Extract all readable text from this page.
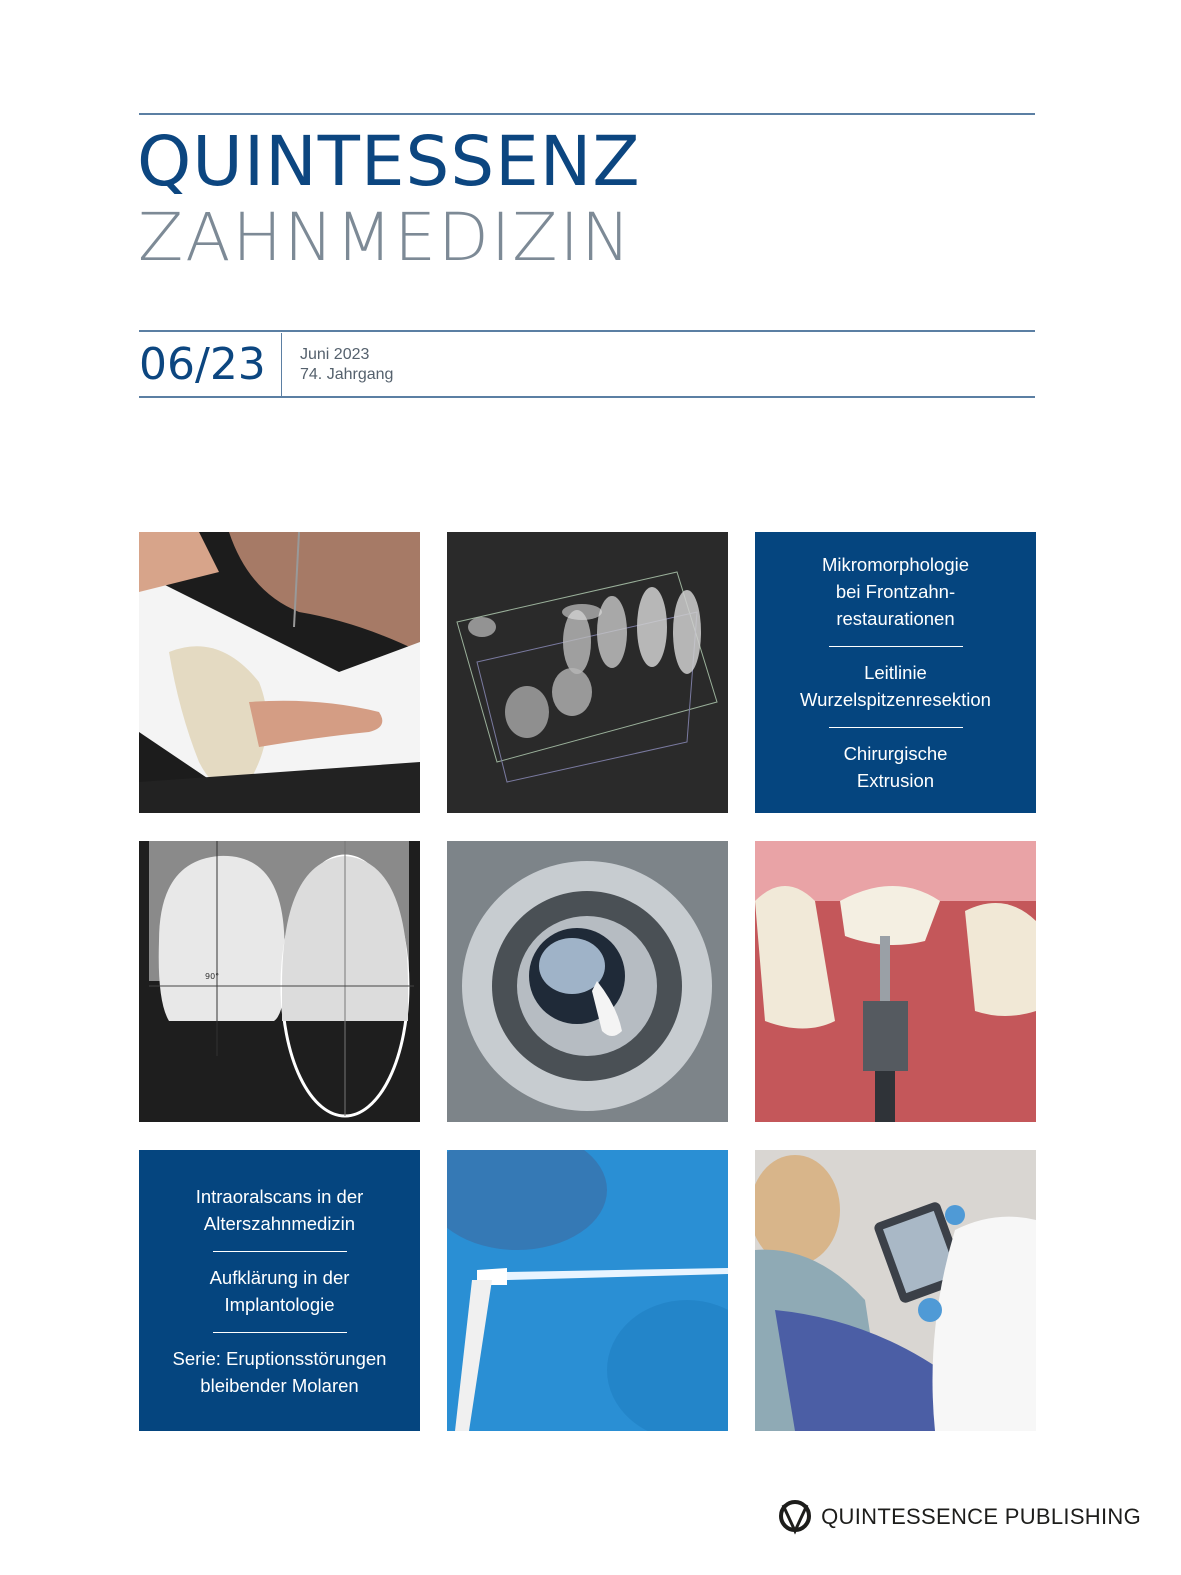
QUINTESSENZ
ZAHNMEDIZIN
06/23 Juni 2023
74. Jahrgang
Mikromorphologie
bei Frontzahn-
restaurationen
Leitlinie
Wurzelspitzenresektion
Chirurgische
Extrusion
90°
Intraoralscans in der
Alterszahnmedizin
Aufklärung in der
Implantologie
Serie: Eruptionsstörungen
bleibender Molaren
QUINTESSENCE PUBLISHING
